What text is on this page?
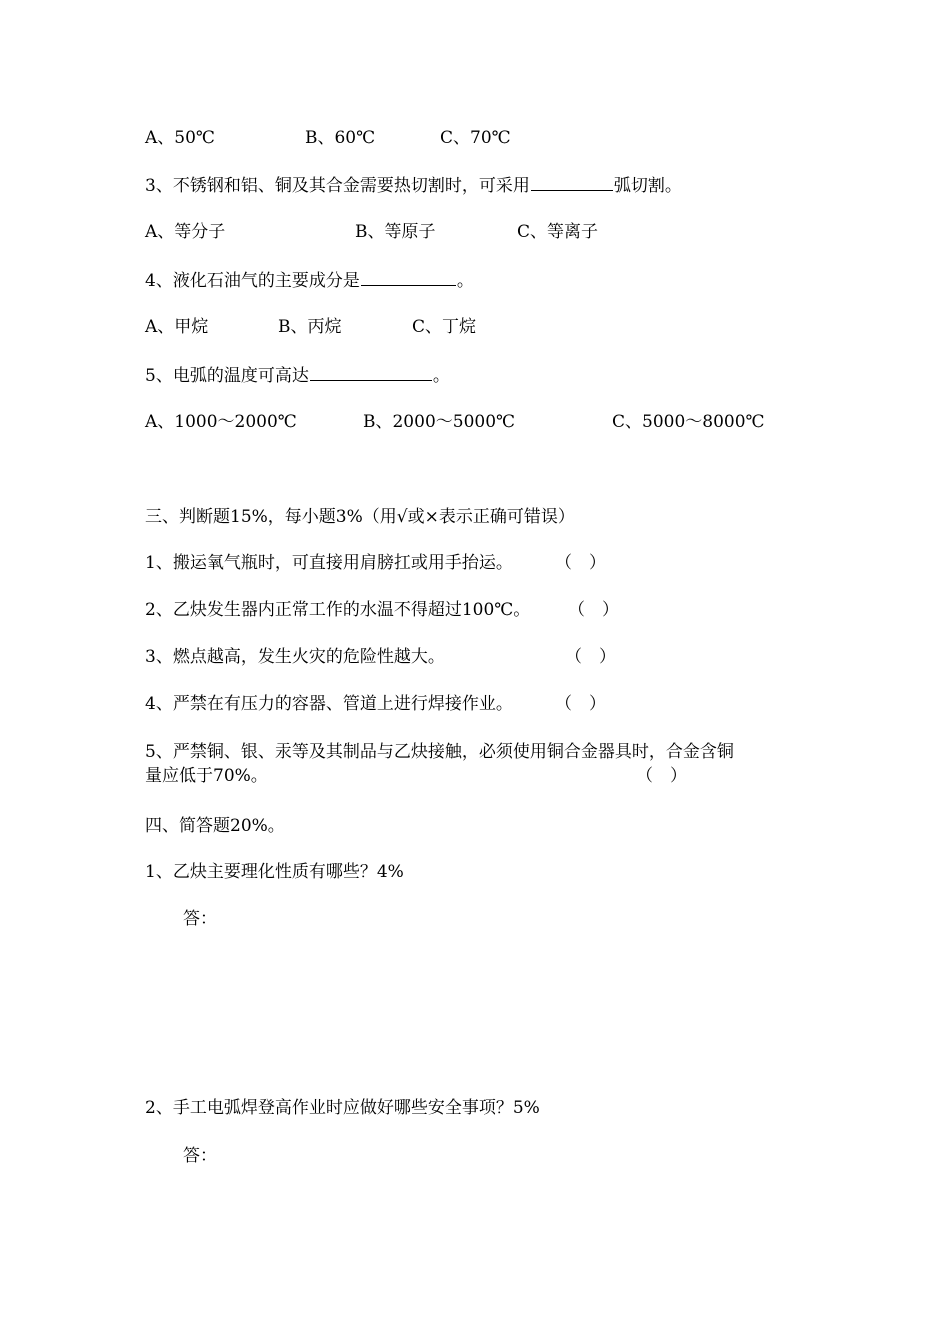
A、50℃	B、60℃	C、70℃
3、不锈钢和铝、铜及其合金需要热切割时，可采用	弧切割。
A、等分子	B、等原子	C、等离子
4、液化石油气的主要成分是	。
A、甲烷	B、丙烷	C、丁烷
5、电弧的温度可高达	。
A、1000～2000℃	B、2000～5000℃	C、5000～8000℃
三、判断题15%，每小题3%（用√或×表示正确可错误）
1、搬运氧气瓶时，可直接用肩膀扛或用手抬运。 （　）
2、乙炔发生器内正常工作的水温不得超过100℃。 （　）
3、燃点越高，发生火灾的危险性越大。	（　）
4、严禁在有压力的容器、管道上进行焊接作业。 （　）
5、严禁铜、银、汞等及其制品与乙炔接触，必须使用铜合金器具时，合金含铜
量应低于70%。	（　）
四、简答题20%。
1、乙炔主要理化性质有哪些？4%
答：
2、手工电弧焊登高作业时应做好哪些安全事项？5%
答：
